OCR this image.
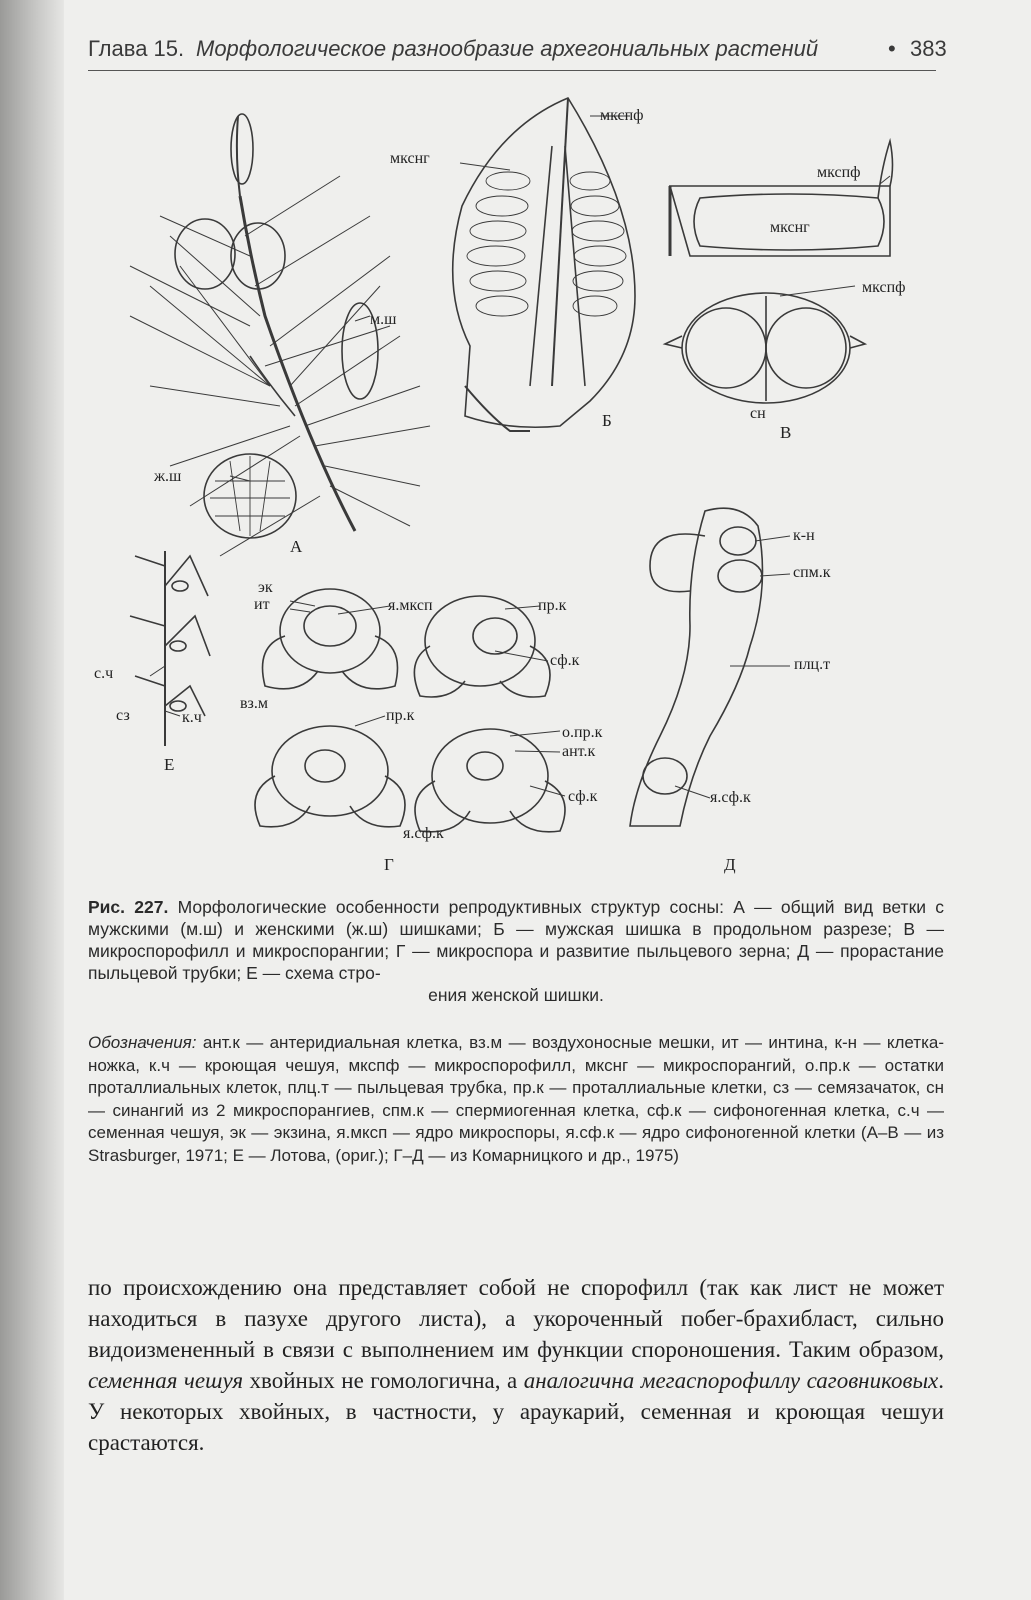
Глава 15. Морфологическое разнообразие архегониальных растений	• 383
мкспф
мкснг
мкспф
мкснг
мкспф
сн
м.ш
ж.ш
Б
В
А
эк
ит	я.мксп
вз.м
пр.к
сф.к
пр.к
о.пр.к
ант.к
сф.к
я.сф.к
Г
к-н
спм.к
плц.т
я.сф.к
Д
с.ч
сз	к.ч
Е
Рис. 227. Морфологические особенности репродуктивных структур сосны: А — общий вид ветки с мужскими (м.ш) и женскими (ж.ш) шишками; Б — мужская шишка в продольном разрезе; В — микроспорофилл и микроспорангии; Г — микроспора и развитие пыльцевого зерна; Д — прорастание пыльцевой трубки; Е — схема стро-
ения женской шишки.
Обозначения: ант.к — антеридиальная клетка, вз.м — воздухоносные мешки, ит — интина, к-н — клетка-ножка, к.ч — кроющая чешуя, мкспф — микроспорофилл, мкснг — микроспорангий, о.пр.к — остатки проталлиальных клеток, плц.т — пыльцевая трубка, пр.к — проталлиальные клетки, сз — семязачаток, сн — синангий из 2 микроспорангиев, спм.к — спермиогенная клетка, сф.к — сифоногенная клетка, с.ч — семенная чешуя, эк — экзина, я.мксп — ядро микроспоры, я.сф.к — ядро сифоногенной клетки (А–В — из Strasburger, 1971; Е — Лотова, (ориг.); Г–Д — из Комарницкого и др., 1975)
по происхождению она представляет собой не спорофилл (так как лист не может находиться в пазухе другого листа), а укороченный побег-брахибласт, сильно видоизмененный в связи с выполнением им функции спороношения. Таким образом, семенная чешуя хвойных не гомологична, а аналогична мегаспорофиллу саговниковых. У некоторых хвойных, в частности, у араукарий, семенная и кроющая чешуи срастаются.
